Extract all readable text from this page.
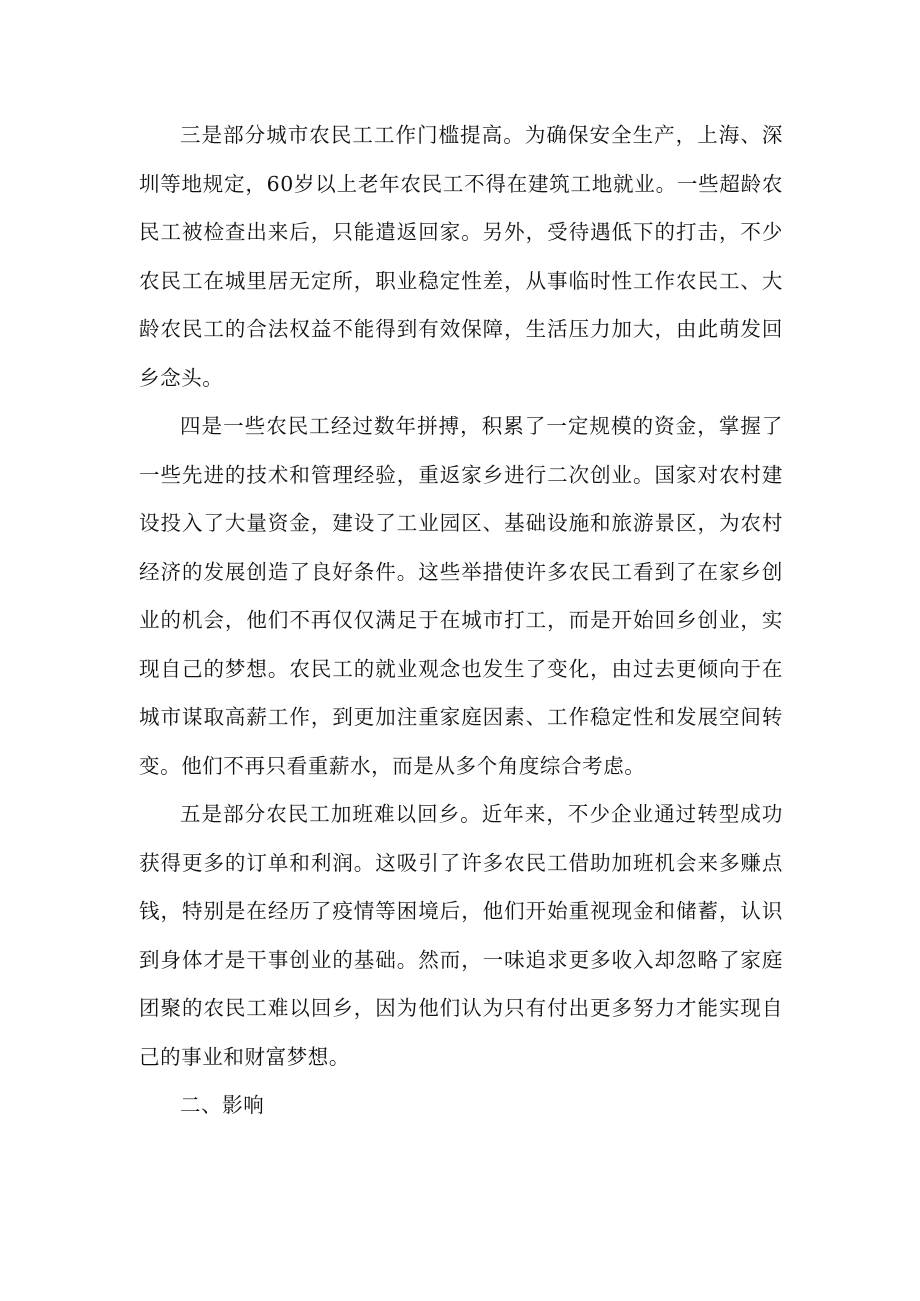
三是部分城市农民工工作门槛提高。为确保安全生产，上海、深圳等地规定，60岁以上老年农民工不得在建筑工地就业。一些超龄农民工被检查出来后，只能遣返回家。另外，受待遇低下的打击，不少农民工在城里居无定所，职业稳定性差，从事临时性工作农民工、大龄农民工的合法权益不能得到有效保障，生活压力加大，由此萌发回乡念头。

四是一些农民工经过数年拼搏，积累了一定规模的资金，掌握了一些先进的技术和管理经验，重返家乡进行二次创业。国家对农村建设投入了大量资金，建设了工业园区、基础设施和旅游景区，为农村经济的发展创造了良好条件。这些举措使许多农民工看到了在家乡创业的机会，他们不再仅仅满足于在城市打工，而是开始回乡创业，实现自己的梦想。农民工的就业观念也发生了变化，由过去更倾向于在城市谋取高薪工作，到更加注重家庭因素、工作稳定性和发展空间转变。他们不再只看重薪水，而是从多个角度综合考虑。

五是部分农民工加班难以回乡。近年来，不少企业通过转型成功获得更多的订单和利润。这吸引了许多农民工借助加班机会来多赚点钱，特别是在经历了疫情等困境后，他们开始重视现金和储蓄，认识到身体才是干事创业的基础。然而，一味追求更多收入却忽略了家庭团聚的农民工难以回乡，因为他们认为只有付出更多努力才能实现自己的事业和财富梦想。

二、影响
